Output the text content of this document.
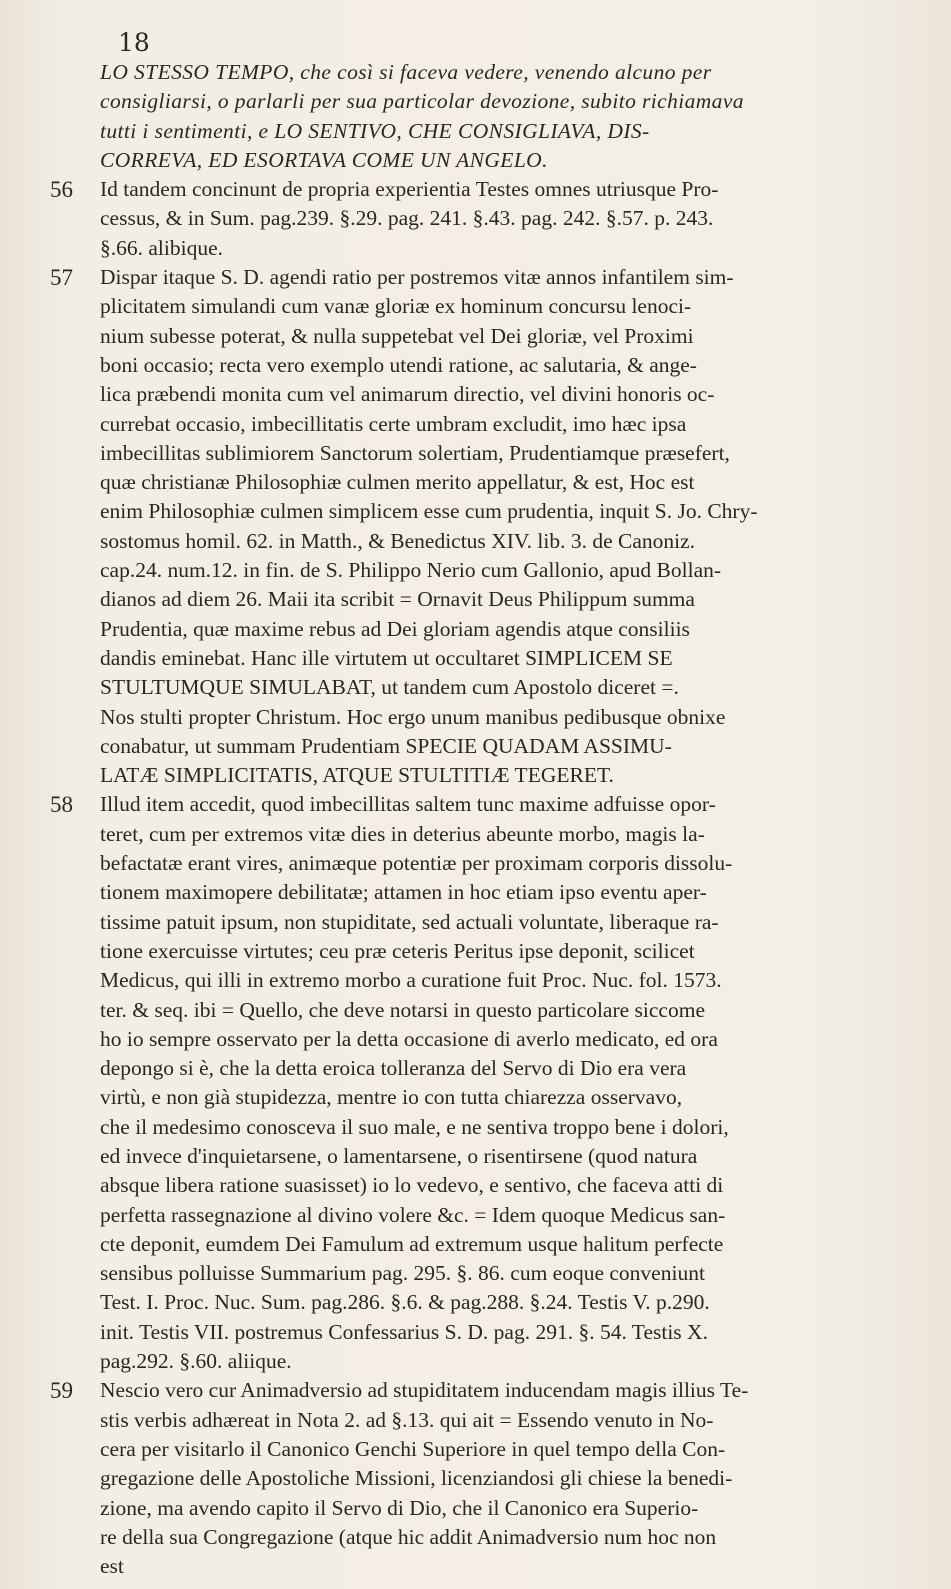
18
LO STESSO TEMPO, che così si faceva vedere, venendo alcuno per
consigliarsi, o parlarli per sua particolar devozione, subito richiamava
tutti i sentimenti, e LO SENTIVO, CHE CONSIGLIAVA, DIS-
CORREVA, ED ESORTAVA COME UN ANGELO.
56 Id tandem concinunt de propria experientia Testes omnes utriusque Pro-
cessus, & in Sum. pag.239. §.29. pag. 241. §.43. pag. 242. §.57. p. 243.
§.66. alibique.
57 Dispar itaque S. D. agendi ratio per postremos vitæ annos infantilem sim-
plicitatem simulandi cum vanæ gloriæ ex hominum concursu lenoci-
nium subesse poterat, & nulla suppetebat vel Dei gloriæ, vel Proximi
boni occasio; recta vero exemplo utendi ratione, ac salutaria, & ange-
lica præbendi monita cum vel animarum directio, vel divini honoris oc-
currebat occasio, imbecillitatis certe umbram excludit, imo hæc ipsa
imbecillitas sublimiorem Sanctorum solertiam, Prudentiamque præsefert,
quæ christianæ Philosophiæ culmen merito appellatur, & est, Hoc est
enim Philosophiæ culmen simplicem esse cum prudentia, inquit S. Jo. Chry-
sostomus homil. 62. in Matth., & Benedictus XIV. lib. 3. de Canoniz.
cap.24. num.12. in fin. de S. Philippo Nerio cum Gallonio, apud Bollan-
dianos ad diem 26. Maii ita scribit = Ornavit Deus Philippum summa
Prudentia, quæ maxime rebus ad Dei gloriam agendis atque consiliis
dandis eminebat. Hanc ille virtutem ut occultaret SIMPLICEM SE
STULTUMQUE SIMULABAT, ut tandem cum Apostolo diceret =.
Nos stulti propter Christum. Hoc ergo unum manibus pedibusque obnixe
conabatur, ut summam Prudentiam SPECIE QUADAM ASSIMU-
LATÆ SIMPLICITATIS, ATQUE STULTITIÆ TEGERET.
58 Illud item accedit, quod imbecillitas saltem tunc maxime adfuisse opor-
teret, cum per extremos vitæ dies in deterius abeunte morbo, magis la-
befactatæ erant vires, animæque potentiæ per proximam corporis dissolu-
tionem maximopere debilitatæ; attamen in hoc etiam ipso eventu aper-
tissime patuit ipsum, non stupiditate, sed actuali voluntate, liberaque ra-
tione exercuisse virtutes; ceu præ ceteris Peritus ipse deponit, scilicet
Medicus, qui illi in extremo morbo a curatione fuit Proc. Nuc. fol. 1573.
ter. & seq. ibi = Quello, che deve notarsi in questo particolare siccome
ho io sempre osservato per la detta occasione di averlo medicato, ed ora
depongo si è, che la detta eroica tolleranza del Servo di Dio era vera
virtù, e non già stupidezza, mentre io con tutta chiarezza osservavo,
che il medesimo conosceva il suo male, e ne sentiva troppo bene i dolori,
ed invece d'inquietarsene, o lamentarsene, o risentirsene (quod natura
absque libera ratione suasisset) io lo vedevo, e sentivo, che faceva atti di
perfetta rassegnazione al divino volere &c. = Idem quoque Medicus san-
cte deponit, eumdem Dei Famulum ad extremum usque halitum perfecte
sensibus polluisse Summarium pag. 295. §. 86. cum eoque conveniunt
Test. I. Proc. Nuc. Sum. pag.286. §.6. & pag.288. §.24. Testis V. p.290.
init. Testis VII. postremus Confessarius S. D. pag. 291. §. 54. Testis X.
pag.292. §.60. aliique.
59 Nescio vero cur Animadversio ad stupiditatem inducendam magis illius Te-
stis verbis adhæreat in Nota 2. ad §.13. qui ait = Essendo venuto in No-
cera per visitarlo il Canonico Genchi Superiore in quel tempo della Con-
gregazione delle Apostoliche Missioni, licenziandosi gli chiese la benedi-
zione, ma avendo capito il Servo di Dio, che il Canonico era Superio-
re della sua Congregazione (atque hic addit Animadversio num hoc non
est
